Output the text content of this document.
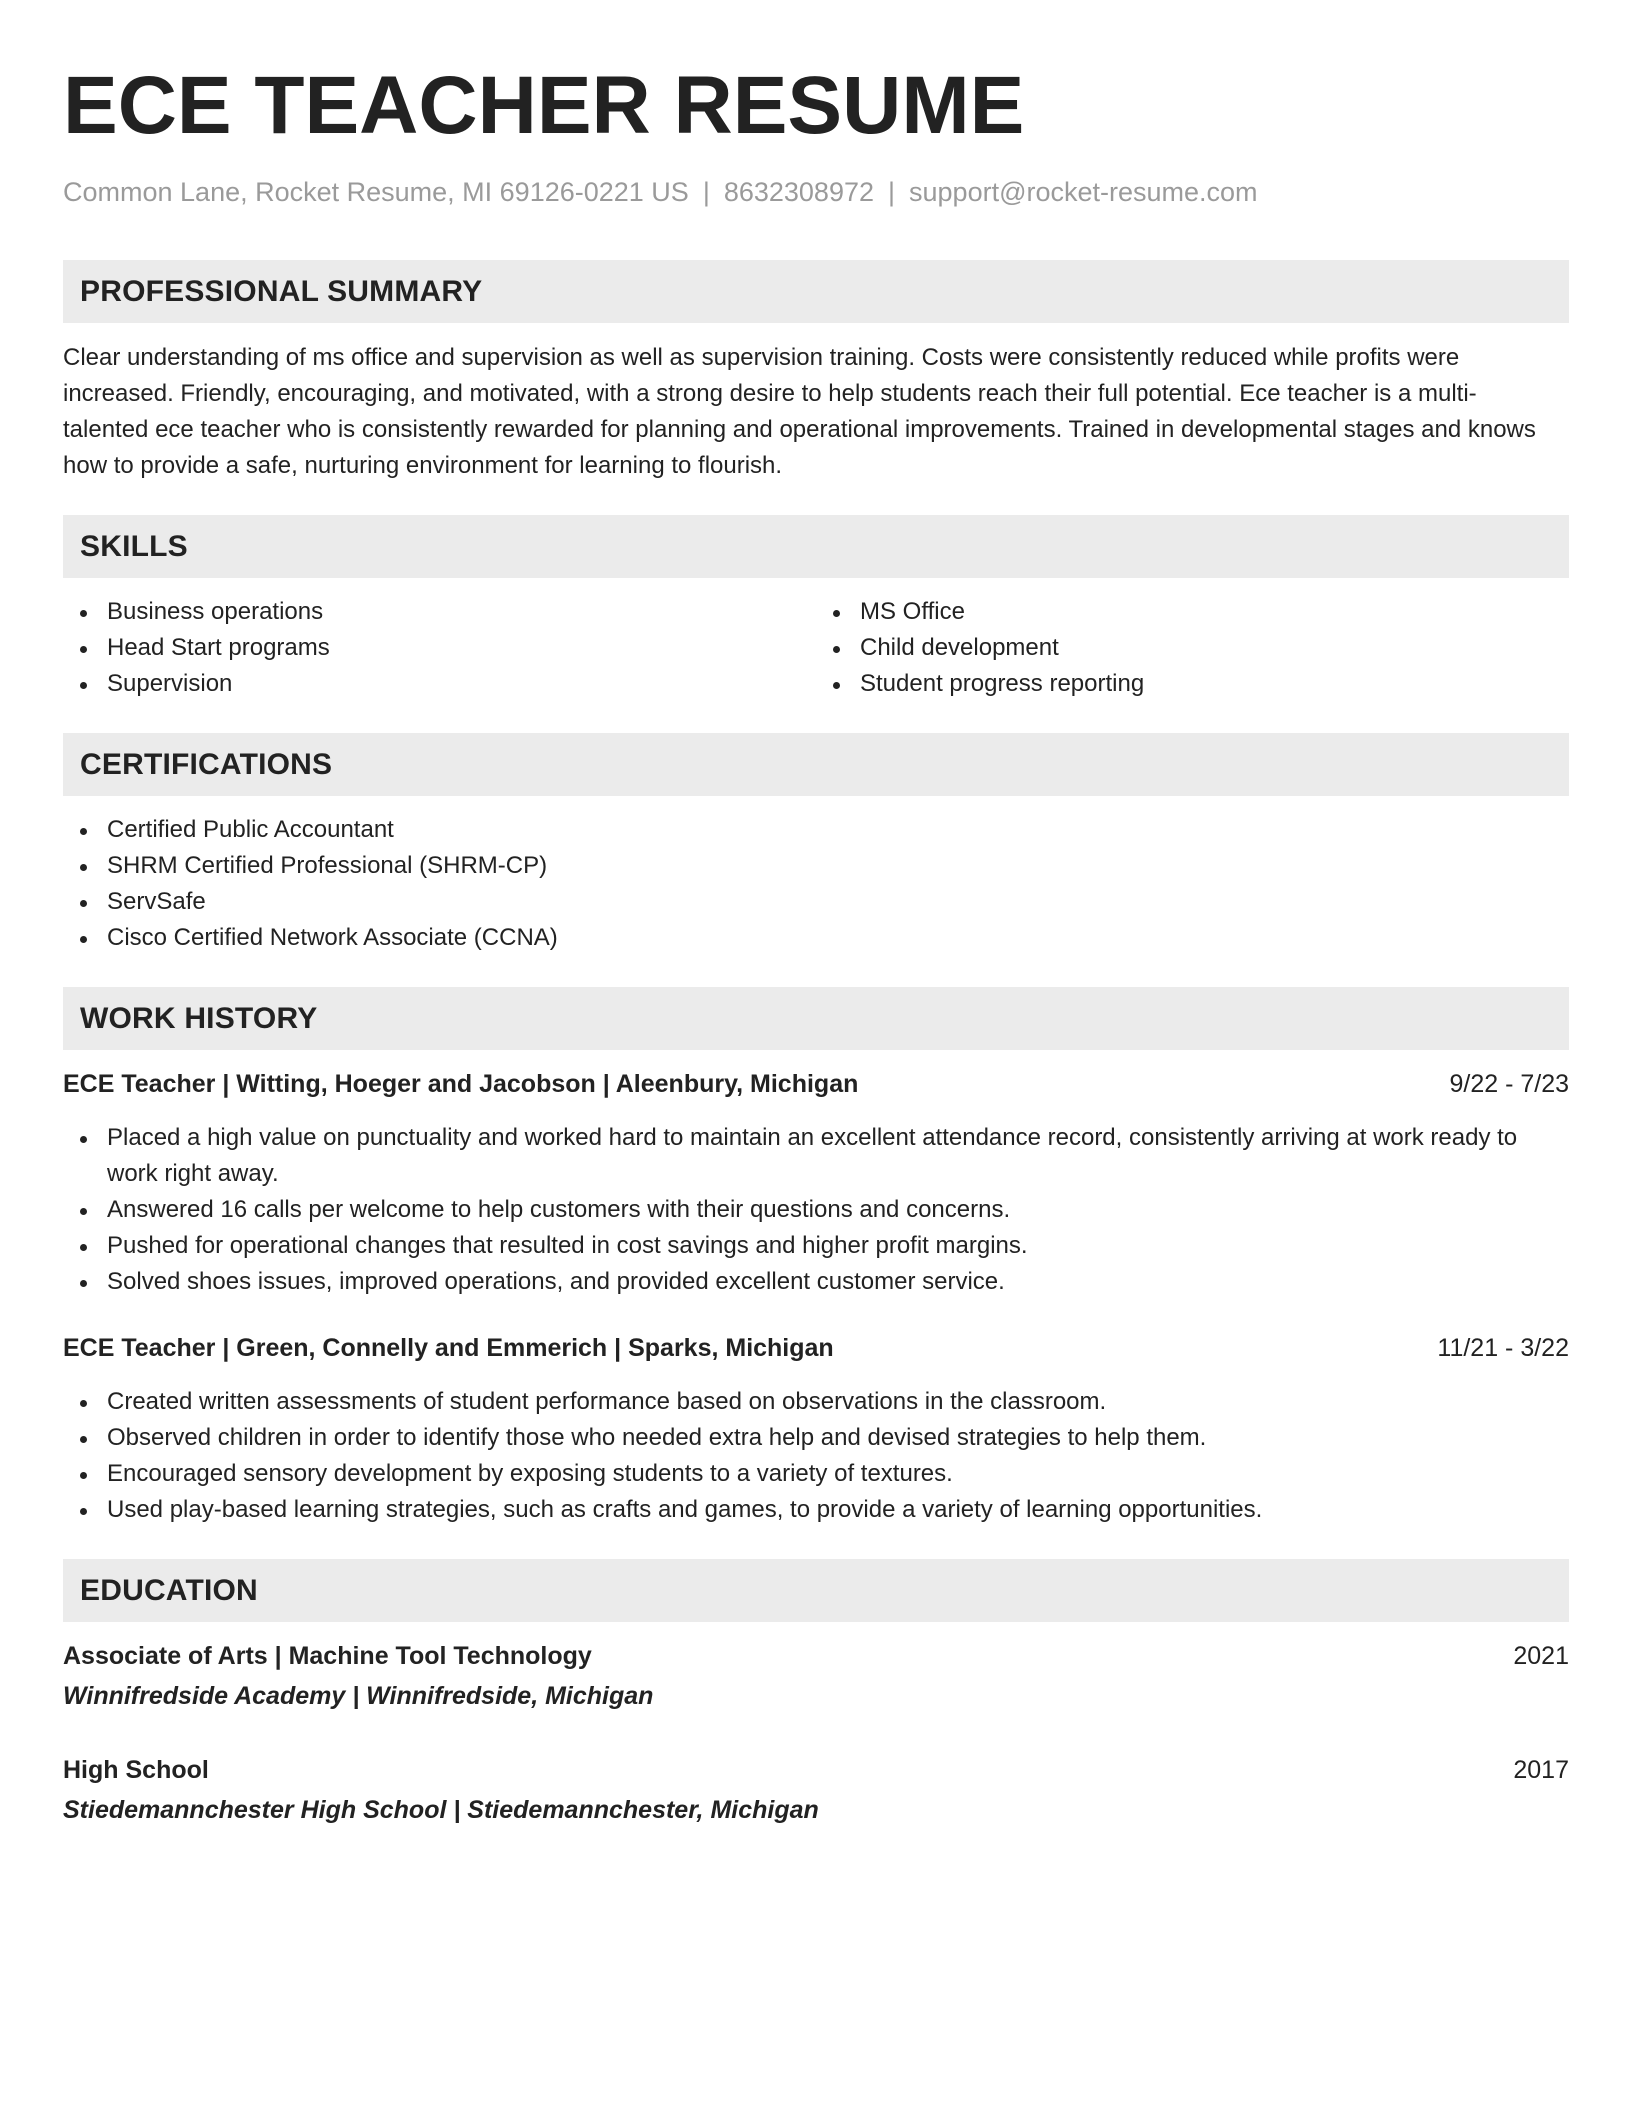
ECE TEACHER RESUME
Common Lane, Rocket Resume, MI 69126-0221 US | 8632308972 | support@rocket-resume.com
PROFESSIONAL SUMMARY

Clear understanding of ms office and supervision as well as supervision training. Costs were consistently reduced while profits were increased. Friendly, encouraging, and motivated, with a strong desire to help students reach their full potential. Ece teacher is a multi-talented ece teacher who is consistently rewarded for planning and operational improvements. Trained in developmental stages and knows how to provide a safe, nurturing environment for learning to flourish.

SKILLS
Business operations
Head Start programs
Supervision
MS Office
Child development
Student progress reporting
CERTIFICATIONS
Certified Public Accountant
SHRM Certified Professional (SHRM-CP)
ServSafe
Cisco Certified Network Associate (CCNA)
WORK HISTORY
ECE Teacher | Witting, Hoeger and Jacobson | Aleenbury, Michigan	9/22 - 7/23
Placed a high value on punctuality and worked hard to maintain an excellent attendance record, consistently arriving at work ready to work right away.
Answered 16 calls per welcome to help customers with their questions and concerns.
Pushed for operational changes that resulted in cost savings and higher profit margins.
Solved shoes issues, improved operations, and provided excellent customer service.
ECE Teacher | Green, Connelly and Emmerich | Sparks, Michigan	11/21 - 3/22
Created written assessments of student performance based on observations in the classroom.
Observed children in order to identify those who needed extra help and devised strategies to help them.
Encouraged sensory development by exposing students to a variety of textures.
Used play-based learning strategies, such as crafts and games, to provide a variety of learning opportunities.
EDUCATION
Associate of Arts | Machine Tool Technology	2021
Winnifredside Academy | Winnifredside, Michigan
High School	2017
Stiedemannchester High School | Stiedemannchester, Michigan
